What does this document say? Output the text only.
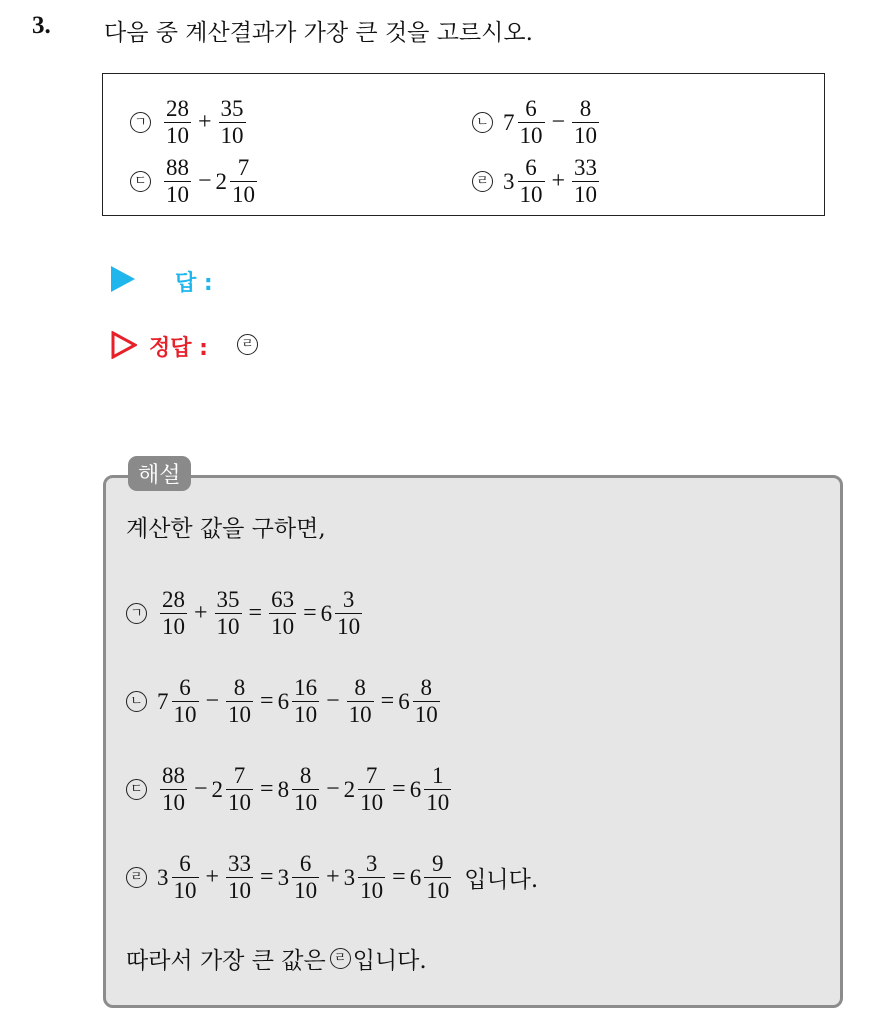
3. 다음 중 계산결과가 가장 큰 것을 고르시오.
ㄱ $\frac{28}{10} + \frac{35}{10}$	ㄴ $7 \frac{6}{10} - \frac{8}{10}$
ㄷ $\frac{88}{10} - 2 \frac{7}{10}$	ㄹ $3 \frac{6}{10} + \frac{33}{10}$
답 :
정답 :	ㄹ
해설
계산한 값을 구하면,
ㄱ $\frac{28}{10} + \frac{35}{10} = \frac{63}{10} = 6 \frac{3}{10}$
ㄴ $7 \frac{6}{10} - \frac{8}{10} = 6 \frac{16}{10} - \frac{8}{10} = 6 \frac{8}{10}$
ㄷ $\frac{88}{10} - 2 \frac{7}{10} = 8 \frac{8}{10} - 2 \frac{7}{10} = 6 \frac{1}{10}$
ㄹ $3 \frac{6}{10} + \frac{33}{10} = 3 \frac{6}{10} + 3 \frac{3}{10} = 6 \frac{9}{10}$ 입니다.
따라서 가장 큰 값은 ㄹ 입니다.
